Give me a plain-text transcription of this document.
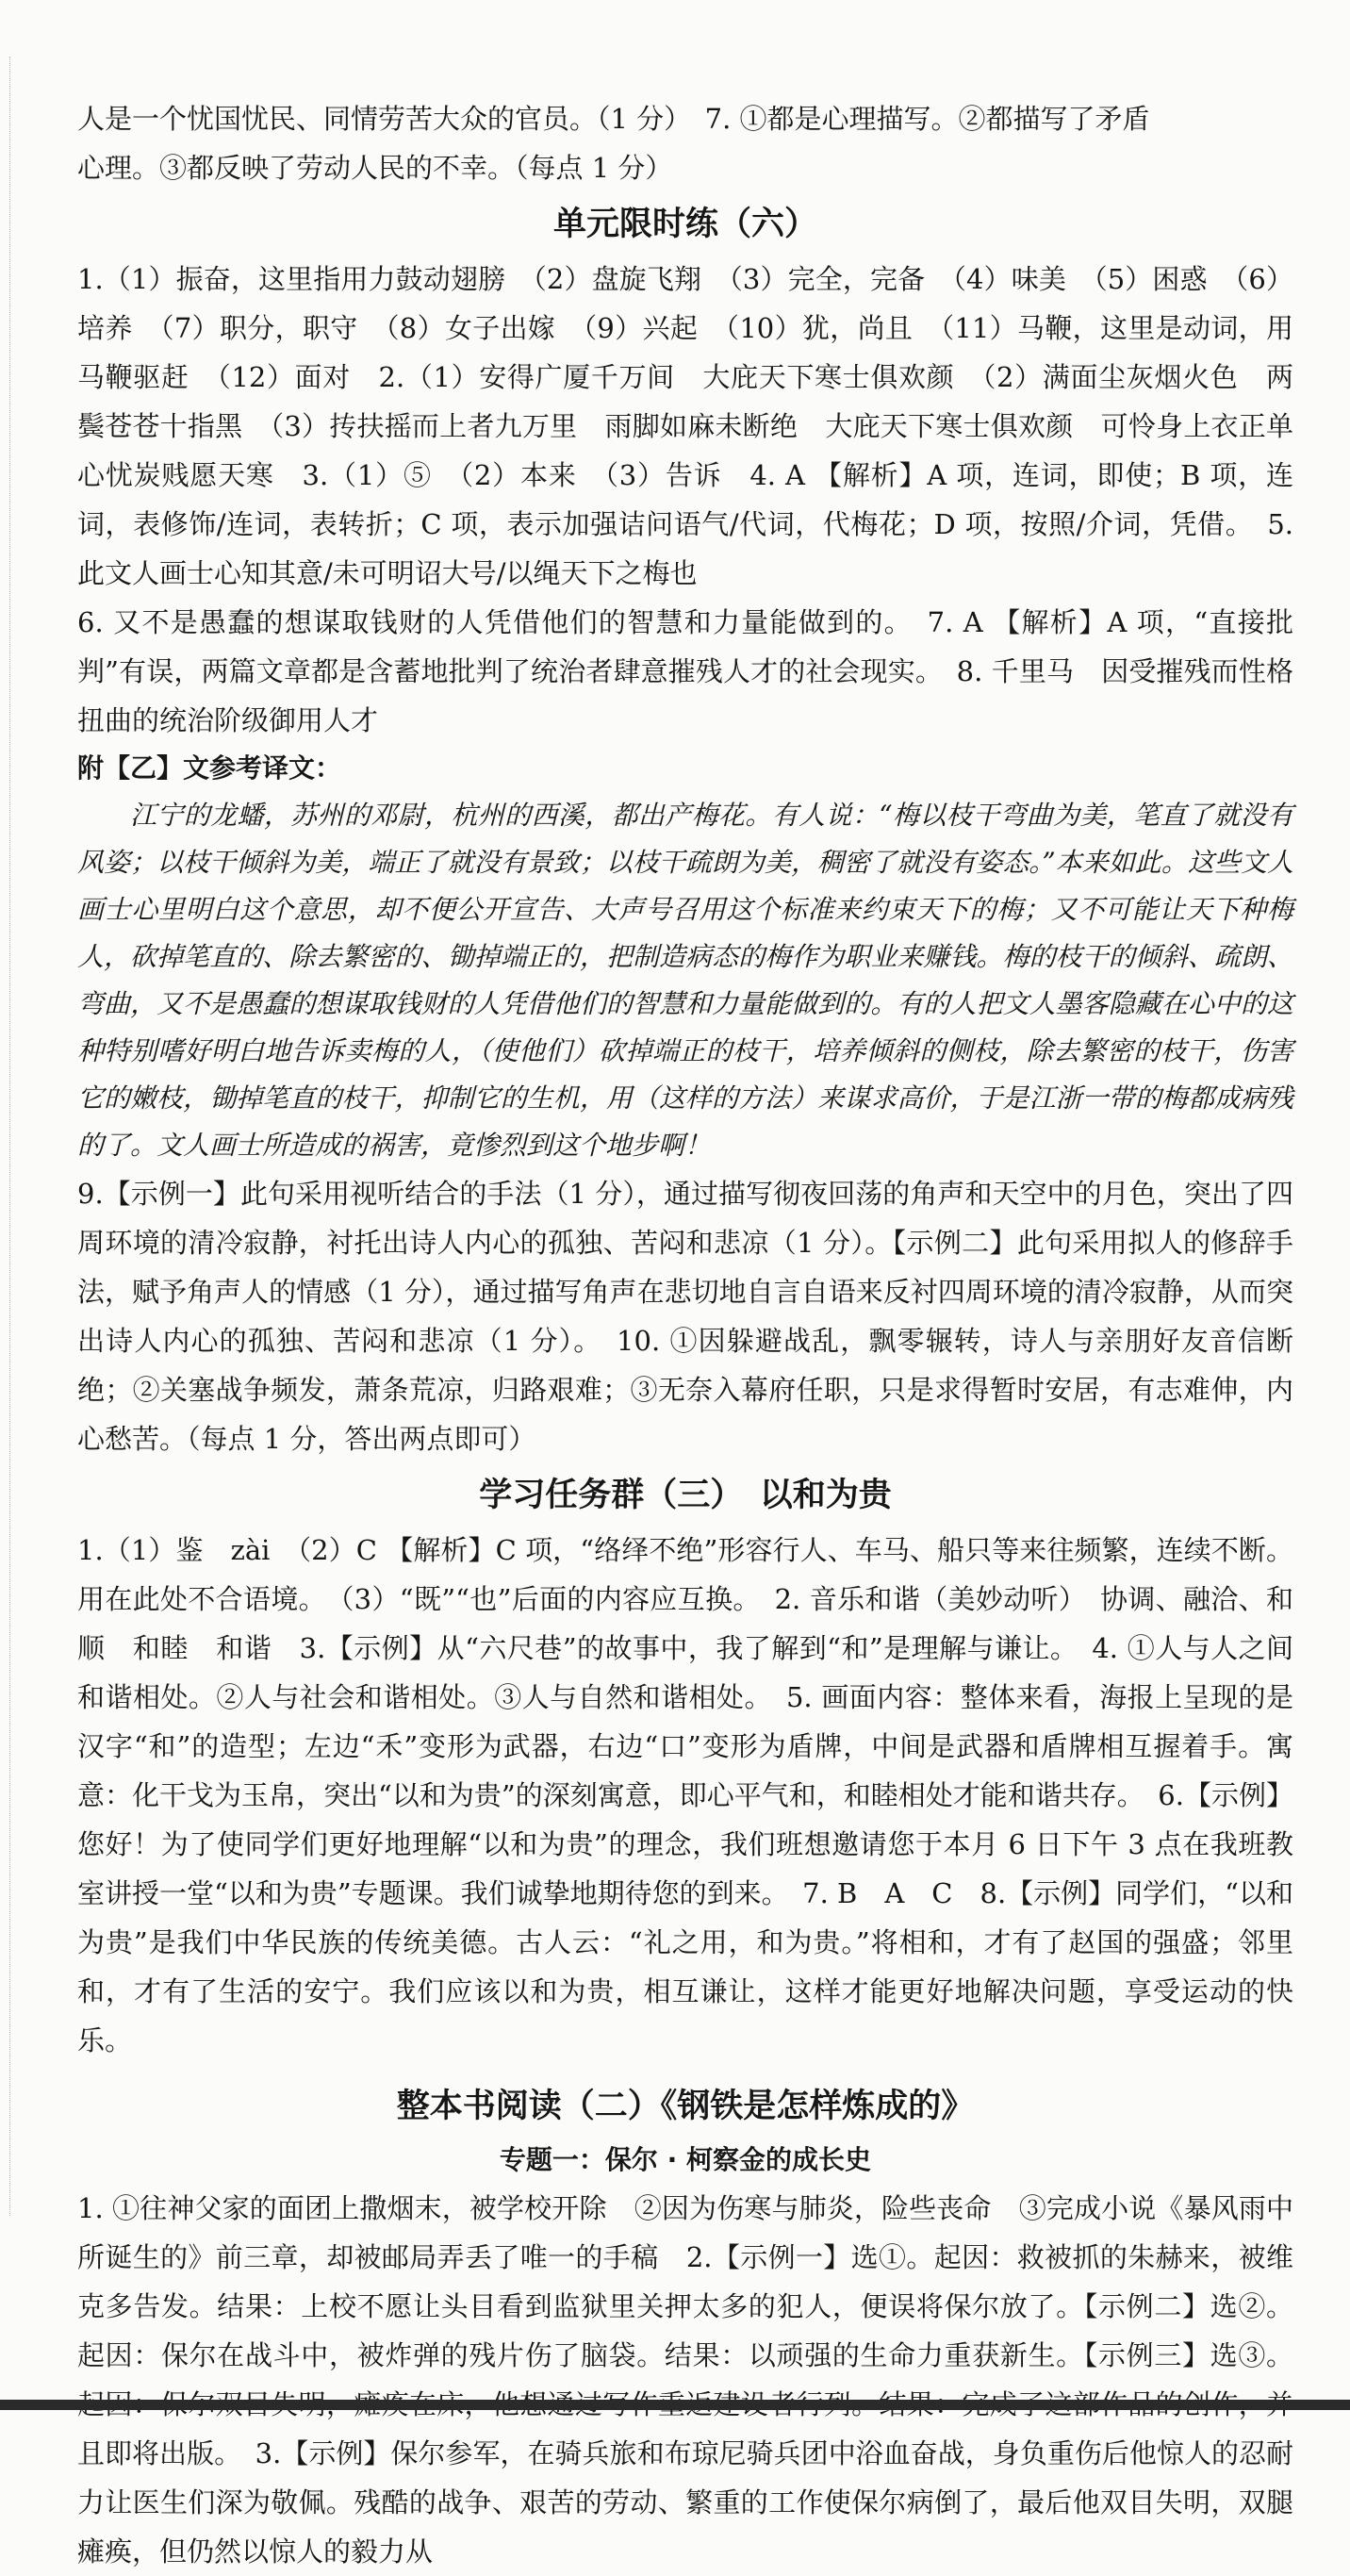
人是一个忧国忧民、同情劳苦大众的官员。（1 分）　7. ①都是心理描写。②都描写了矛盾

心理。③都反映了劳动人民的不幸。（每点 1 分）

单元限时练（六）

1.（1）振奋，这里指用力鼓动翅膀　（2）盘旋飞翔　（3）完全，完备　（4）味美　（5）困惑　（6）培养　（7）职分，职守　（8）女子出嫁　（9）兴起　（10）犹，尚且　（11）马鞭，这里是动词，用马鞭驱赶　（12）面对　2.（1）安得广厦千万间　大庇天下寒士俱欢颜　（2）满面尘灰烟火色　两鬓苍苍十指黑　（3）抟扶摇而上者九万里　雨脚如麻未断绝　大庇天下寒士俱欢颜　可怜身上衣正单　心忧炭贱愿天寒　3.（1）⑤　（2）本来　（3）告诉　4. A 【解析】A 项，连词，即使；B 项，连词，表修饰/连词，表转折；C 项，表示加强诘问语气/代词，代梅花；D 项，按照/介词，凭借。　5. 此文人画士心知其意/未可明诏大号/以绳天下之梅也

6. 又不是愚蠢的想谋取钱财的人凭借他们的智慧和力量能做到的。　7. A 【解析】A 项，“直接批判”有误，两篇文章都是含蓄地批判了统治者肆意摧残人才的社会现实。　8. 千里马　因受摧残而性格扭曲的统治阶级御用人才

附【乙】文参考译文：

江宁的龙蟠，苏州的邓尉，杭州的西溪，都出产梅花。有人说：“梅以枝干弯曲为美，笔直了就没有风姿；以枝干倾斜为美，端正了就没有景致；以枝干疏朗为美，稠密了就没有姿态。”本来如此。这些文人画士心里明白这个意思，却不便公开宣告、大声号召用这个标准来约束天下的梅；又不可能让天下种梅人，砍掉笔直的、除去繁密的、锄掉端正的，把制造病态的梅作为职业来赚钱。梅的枝干的倾斜、疏朗、弯曲，又不是愚蠢的想谋取钱财的人凭借他们的智慧和力量能做到的。有的人把文人墨客隐藏在心中的这种特别嗜好明白地告诉卖梅的人，（使他们）砍掉端正的枝干，培养倾斜的侧枝，除去繁密的枝干，伤害它的嫩枝，锄掉笔直的枝干，抑制它的生机，用（这样的方法）来谋求高价，于是江浙一带的梅都成病残的了。文人画士所造成的祸害，竟惨烈到这个地步啊！

9.【示例一】此句采用视听结合的手法（1 分），通过描写彻夜回荡的角声和天空中的月色，突出了四周环境的清冷寂静，衬托出诗人内心的孤独、苦闷和悲凉（1 分）。【示例二】此句采用拟人的修辞手法，赋予角声人的情感（1 分），通过描写角声在悲切地自言自语来反衬四周环境的清冷寂静，从而突出诗人内心的孤独、苦闷和悲凉（1 分）。　10. ①因躲避战乱，飘零辗转，诗人与亲朋好友音信断绝；②关塞战争频发，萧条荒凉，归路艰难；③无奈入幕府任职，只是求得暂时安居，有志难伸，内心愁苦。（每点 1 分，答出两点即可）

学习任务群（三）　以和为贵

1.（1）鉴　zài　（2）C 【解析】C 项，“络绎不绝”形容行人、车马、船只等来往频繁，连续不断。用在此处不合语境。　（3）“既”“也”后面的内容应互换。　2. 音乐和谐（美妙动听）　协调、融洽、和顺　和睦　和谐　3.【示例】从“六尺巷”的故事中，我了解到“和”是理解与谦让。　4. ①人与人之间和谐相处。②人与社会和谐相处。③人与自然和谐相处。　5. 画面内容：整体来看，海报上呈现的是汉字“和”的造型；左边“禾”变形为武器，右边“口”变形为盾牌，中间是武器和盾牌相互握着手。寓意：化干戈为玉帛，突出“以和为贵”的深刻寓意，即心平气和，和睦相处才能和谐共存。　6.【示例】您好！为了使同学们更好地理解“以和为贵”的理念，我们班想邀请您于本月 6 日下午 3 点在我班教室讲授一堂“以和为贵”专题课。我们诚挚地期待您的到来。　7. B　A　C　8.【示例】同学们，“以和为贵”是我们中华民族的传统美德。古人云：“礼之用，和为贵。”将相和，才有了赵国的强盛；邻里和，才有了生活的安宁。我们应该以和为贵，相互谦让，这样才能更好地解决问题，享受运动的快乐。

整本书阅读（二）《钢铁是怎样炼成的》
专题一：保尔 · 柯察金的成长史

1. ①往神父家的面团上撒烟末，被学校开除　②因为伤寒与肺炎，险些丧命　③完成小说《暴风雨中所诞生的》前三章，却被邮局弄丢了唯一的手稿　2.【示例一】选①。起因：救被抓的朱赫来，被维克多告发。结果：上校不愿让头目看到监狱里关押太多的犯人，便误将保尔放了。【示例二】选②。起因：保尔在战斗中，被炸弹的残片伤了脑袋。结果：以顽强的生命力重获新生。【示例三】选③。 且即将出版。　3.【示例】保尔参军，在骑兵旅和布琼尼骑兵团中浴血奋战，身负重伤后他惊人的忍耐力让医生们深为敬佩。残酷的战争、艰苦的劳动、繁重的工作使保尔病倒了，最后他双目失明，双腿瘫痪，但仍然以惊人的毅力从
